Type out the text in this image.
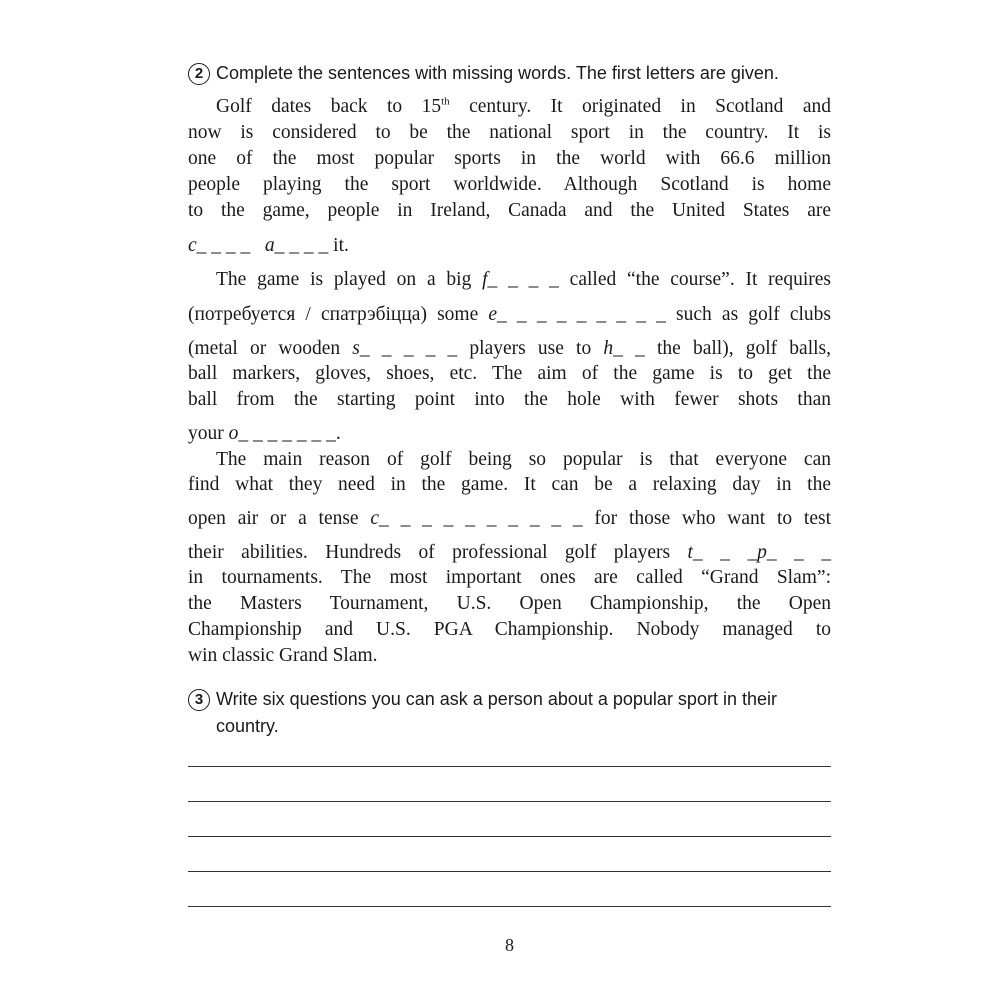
2 Complete the sentences with missing words. The first letters are given.
Golf dates back to 15th century. It originated in Scotland and
now is considered to be the national sport in the country. It is
one of the most popular sports in the world with 66.6 million
people playing the sport worldwide. Although Scotland is home
to the game, people in Ireland, Canada and the United States are
c_ _ _ _ a_ _ _ _ it.
The game is played on a big f_ _ _ _ called “the course”. It requires
(потребуется / спатрэбіцца) some e_ _ _ _ _ _ _ _ _ such as golf clubs
(metal or wooden s_ _ _ _ _ players use to h_ _ the ball), golf balls,
ball markers, gloves, shoes, etc. The aim of the game is to get the
ball from the starting point into the hole with fewer shots than
your o_ _ _ _ _ _ _.
The main reason of golf being so popular is that everyone can
find what they need in the game. It can be a relaxing day in the
open air or a tense c_ _ _ _ _ _ _ _ _ _ for those who want to test
their abilities. Hundreds of professional golf players t_ _ _p_ _ _
in tournaments. The most important ones are called “Grand Slam”:
the Masters Tournament, U.S. Open Championship, the Open
Championship and U.S. PGA Championship. Nobody managed to
win classic Grand Slam.
3 Write six questions you can ask a person about a popular sport in their
country.
8
